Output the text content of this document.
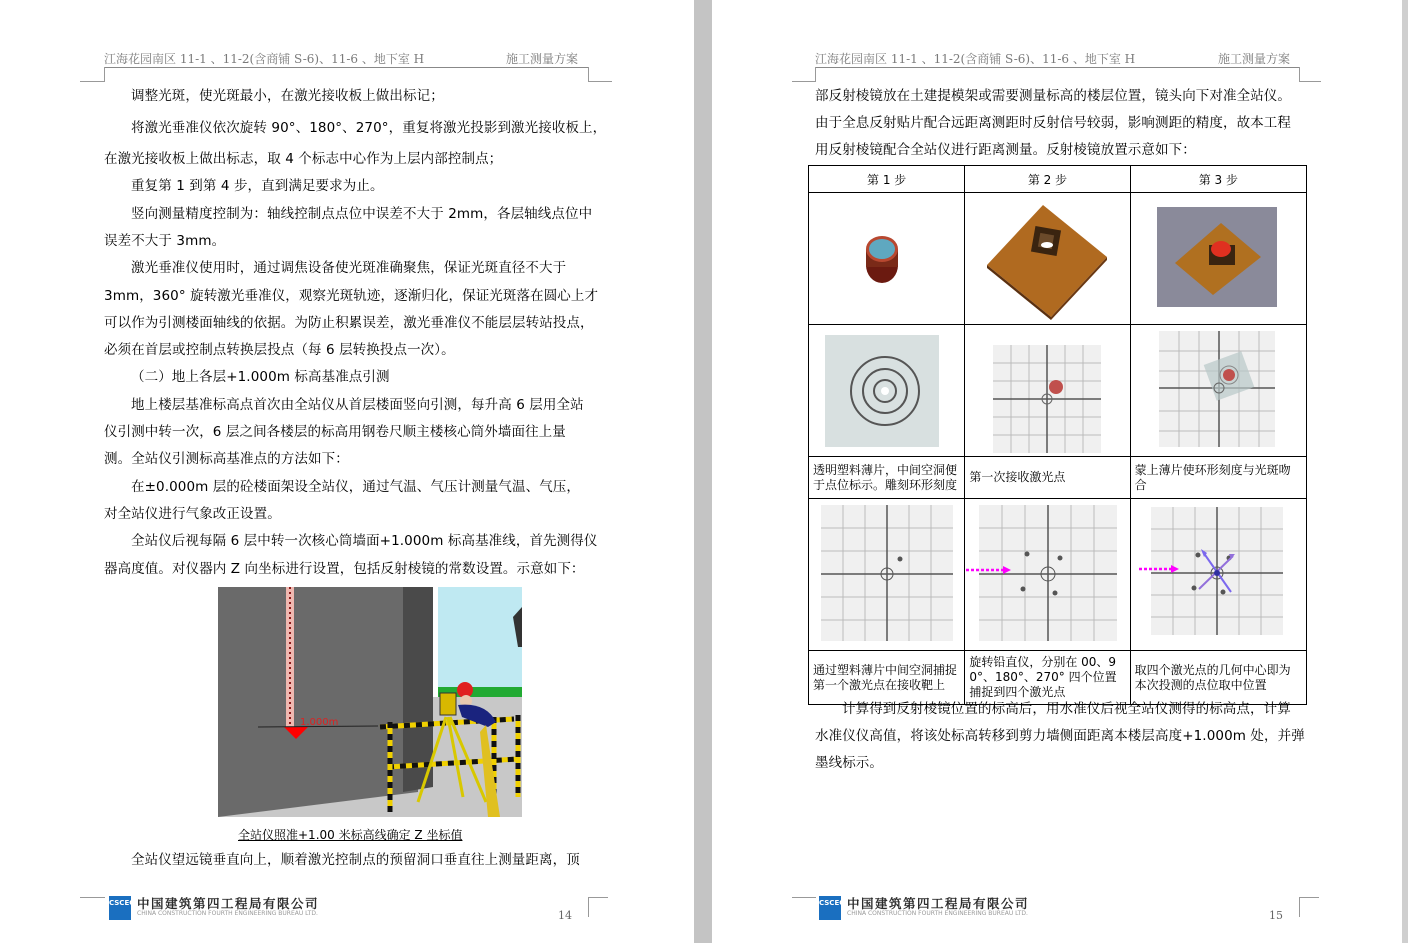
江海花园南区 11-1 、11-2(含商铺 S-6)、11-6 、地下室 H	施工测量方案
调整光斑，使光斑最小，在激光接收板上做出标记；
将激光垂准仪依次旋转 90°、180°、270°，重复将激光投影到激光接收板上，
在激光接收板上做出标志，取 4 个标志中心作为上层内部控制点；
重复第 1 到第 4 步，直到满足要求为止。
竖向测量精度控制为：轴线控制点点位中误差不大于 2mm，各层轴线点位中
误差不大于 3mm。
激光垂准仪使用时，通过调焦设备使光斑准确聚焦，保证光斑直径不大于
3mm，360° 旋转激光垂准仪，观察光斑轨迹，逐渐归化，保证光斑落在圆心上才
可以作为引测楼面轴线的依据。为防止积累误差，激光垂准仪不能层层转站投点，
必须在首层或控制点转换层投点（每 6 层转换投点一次）。
（二）地上各层+1.000m 标高基准点引测
地上楼层基准标高点首次由全站仪从首层楼面竖向引测，每升高 6 层用全站
仪引测中转一次，6 层之间各楼层的标高用钢卷尺顺主楼核心筒外墙面往上量
测。全站仪引测标高基准点的方法如下：
在±0.000m 层的砼楼面架设全站仪，通过气温、气压计测量气温、气压，
对全站仪进行气象改正设置。
全站仪后视每隔 6 层中转一次核心筒墙面+1.000m 标高基准线，首先测得仪
器高度值。对仪器内 Z 向坐标进行设置，包括反射棱镜的常数设置。示意如下：
1.000m
全站仪照准+1.00 米标高线确定 Z 坐标值
全站仪望远镜垂直向上，顺着激光控制点的预留洞口垂直往上测量距离，顶
CSCEC 中国建筑第四工程局有限公司
CHINA CONSTRUCTION FOURTH ENGINEERING BUREAU LTD.	14
江海花园南区 11-1 、11-2(含商铺 S-6)、11-6 、地下室 H	施工测量方案
部反射棱镜放在土建提模架或需要测量标高的楼层位置，镜头向下对准全站仪。
由于全息反射贴片配合远距离测距时反射信号较弱，影响测距的精度，故本工程
用反射棱镜配合全站仪进行距离测量。反射棱镜放置示意如下：
第 1 步	第 2 步	第 3 步

透明塑料薄片，中间空洞便于点位标示。雕刻环形刻度	第一次接收激光点	蒙上薄片使环形刻度与光斑吻合

通过塑料薄片中间空洞捕捉第一个激光点在接收靶上	旋转铅直仪，分别在 00、90°、180°、270° 四个位置捕捉到四个激光点	取四个激光点的几何中心即为本次投测的点位取中位置
计算得到反射棱镜位置的标高后，用水准仪后视全站仪测得的标高点，计算
水准仪仪高值，将该处标高转移到剪力墙侧面距离本楼层高度+1.000m 处，并弹
墨线标示。
CSCEC 中国建筑第四工程局有限公司
CHINA CONSTRUCTION FOURTH ENGINEERING BUREAU LTD.	15
